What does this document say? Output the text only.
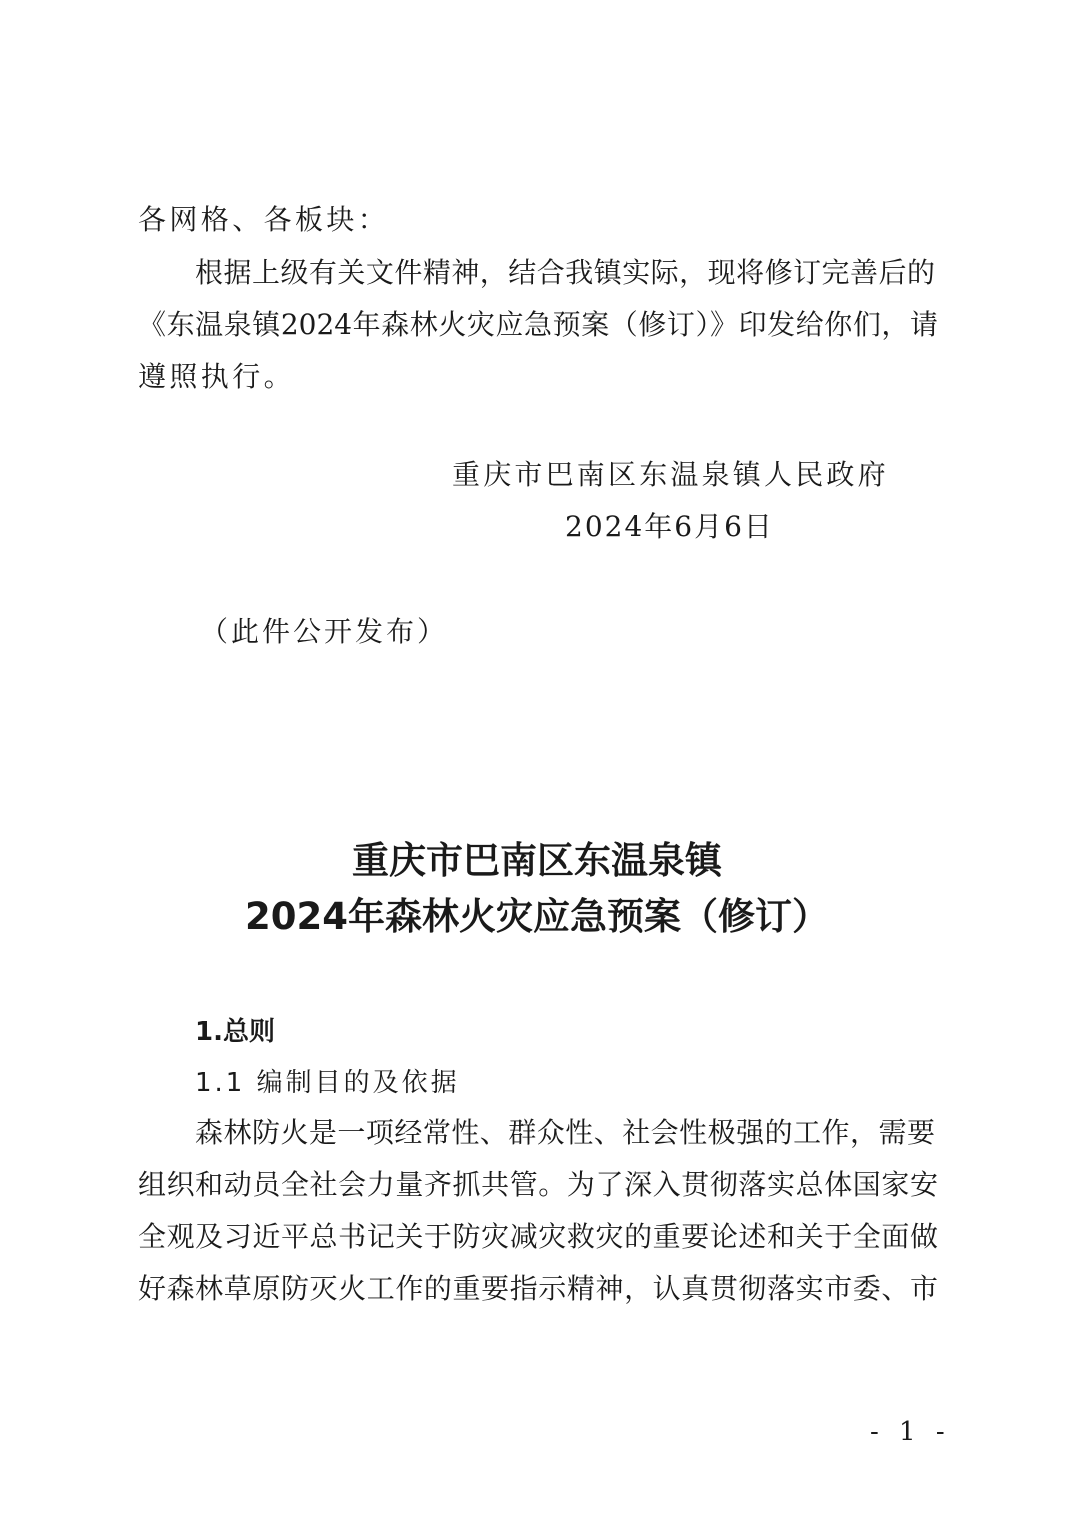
各网格、各板块：
根据上级有关文件精神，结合我镇实际，现将修订完善后的
《东温泉镇2024年森林火灾应急预案（修订）》印发给你们，请
遵照执行。
重庆市巴南区东温泉镇人民政府
2024年6月6日
（此件公开发布）
重庆市巴南区东温泉镇
2024年森林火灾应急预案（修订）
1.总则
1.1 编制目的及依据
森林防火是一项经常性、群众性、社会性极强的工作，需要
组织和动员全社会力量齐抓共管。为了深入贯彻落实总体国家安
全观及习近平总书记关于防灾减灾救灾的重要论述和关于全面做
好森林草原防灭火工作的重要指示精神，认真贯彻落实市委、市
- 1 -
